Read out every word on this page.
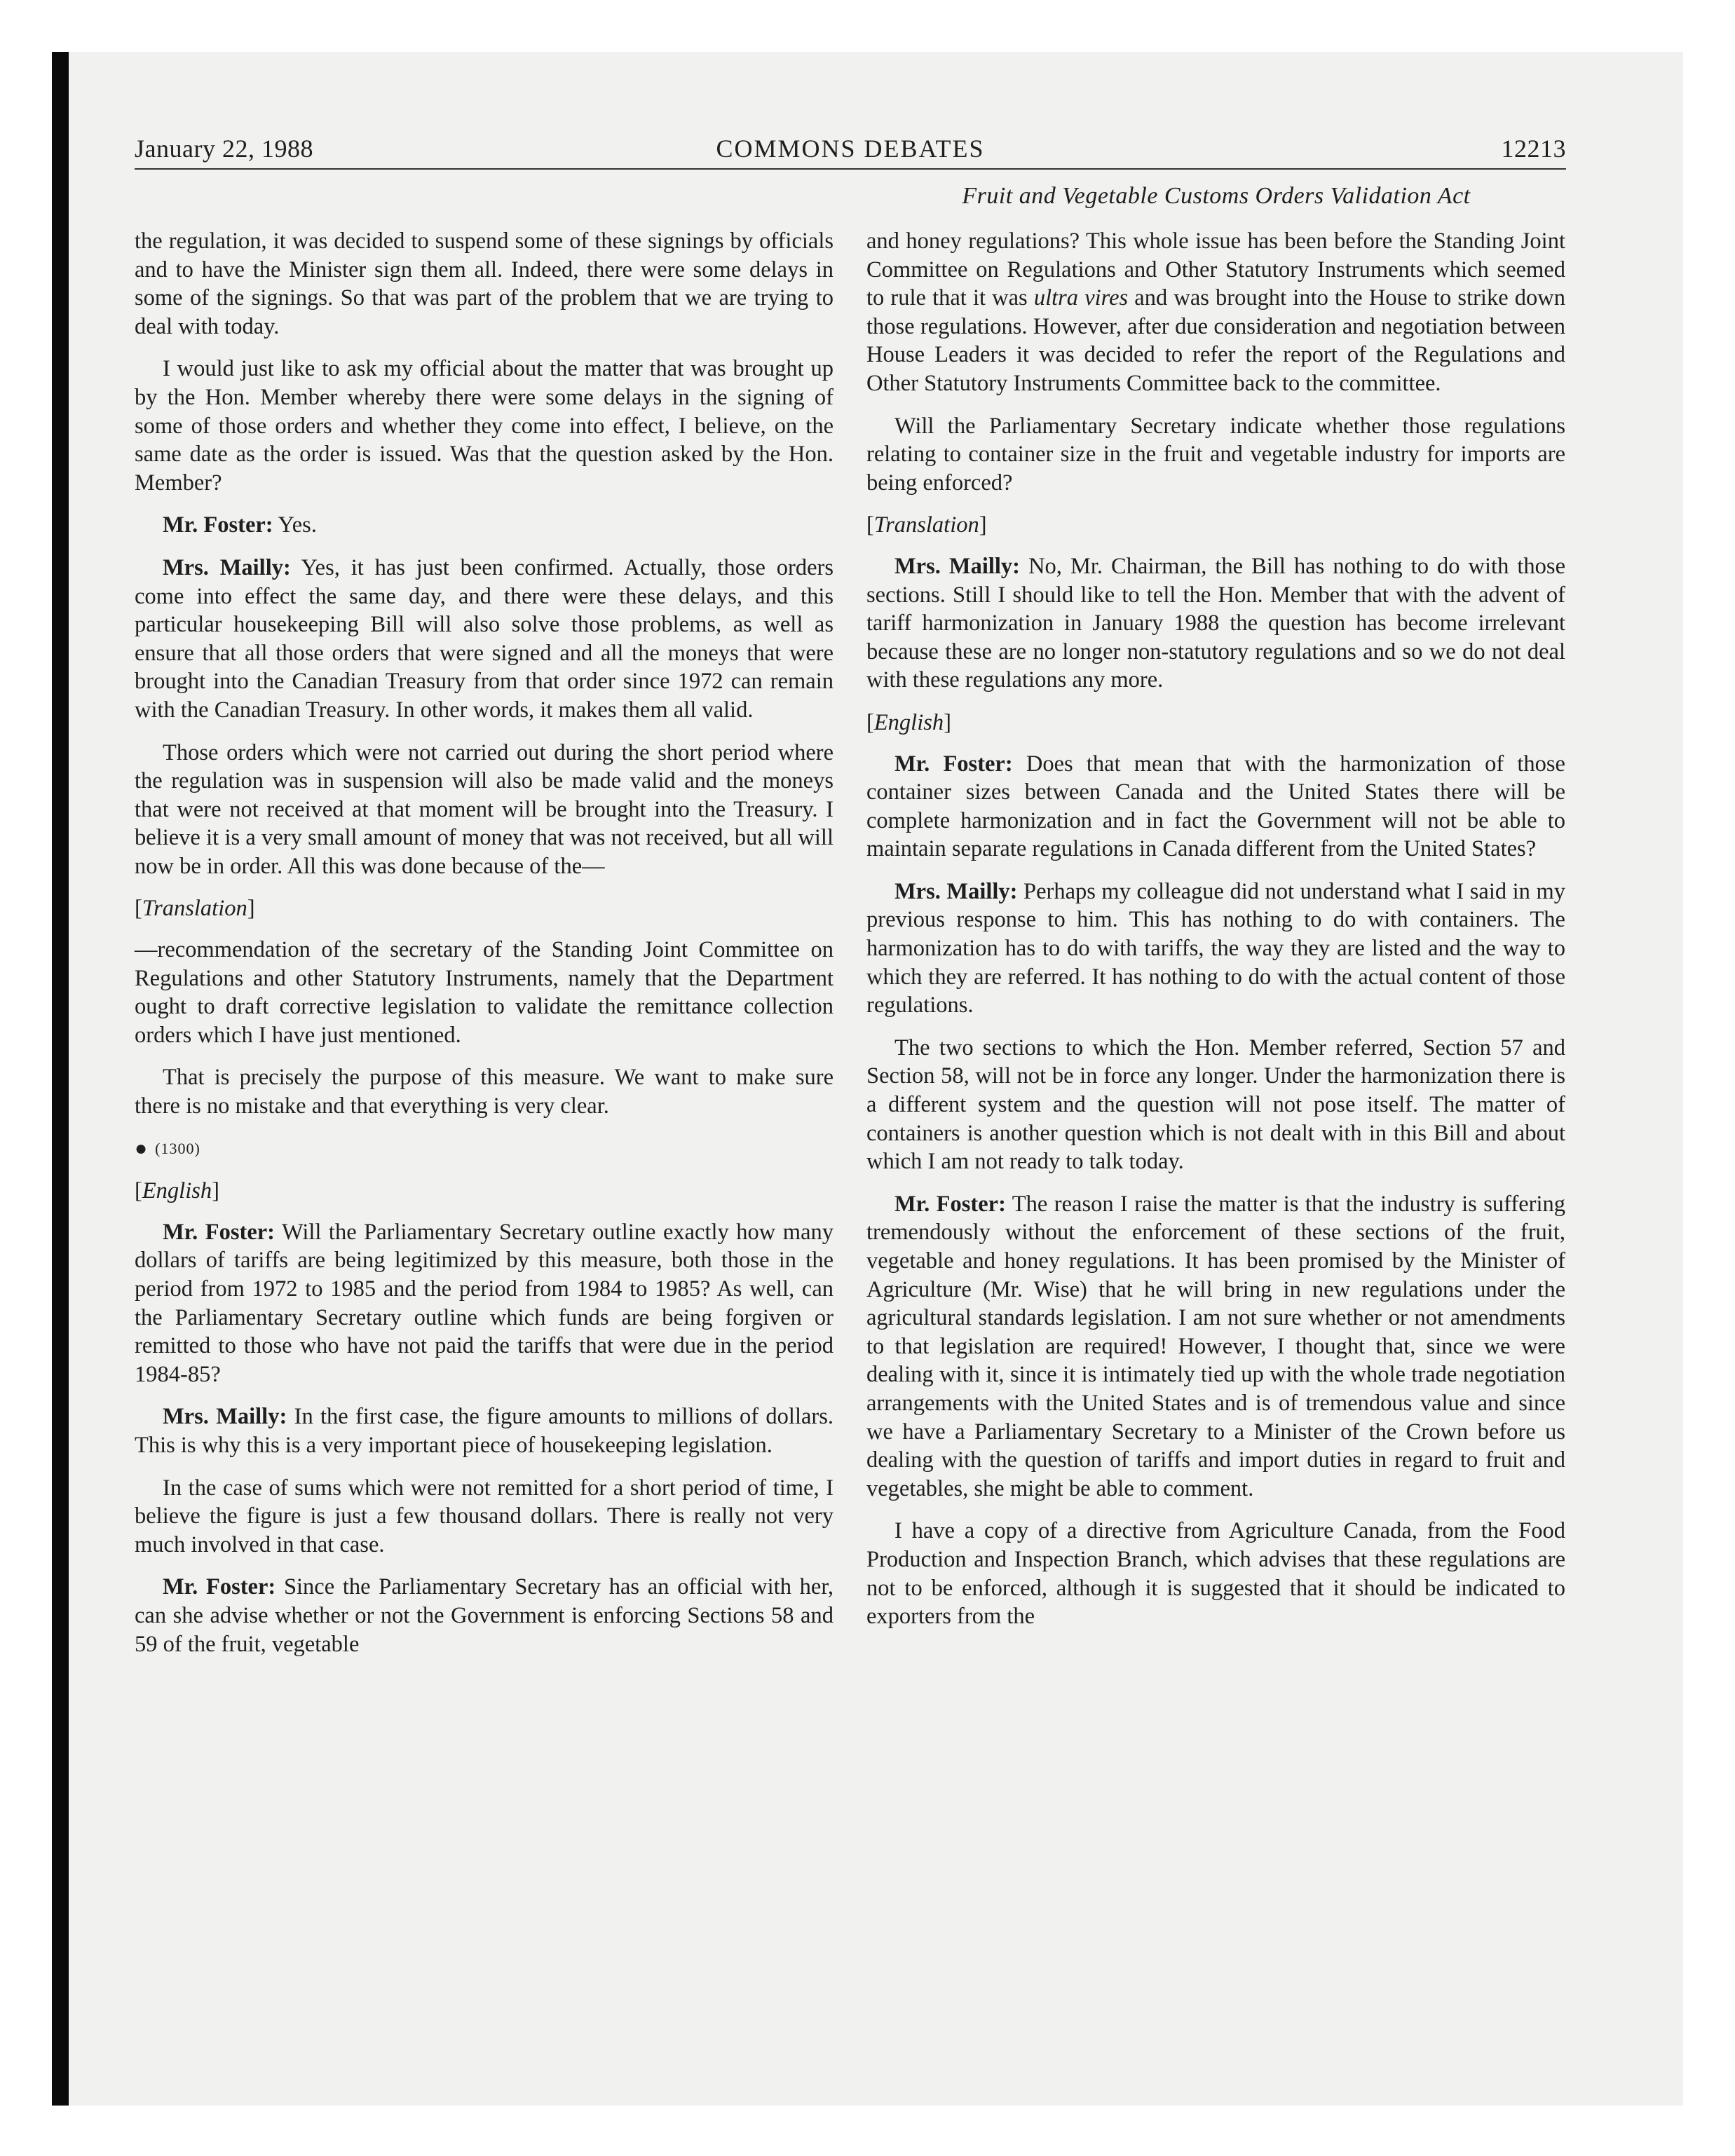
January 22, 1988	COMMONS DEBATES	12213
Fruit and Vegetable Customs Orders Validation Act

the regulation, it was decided to suspend some of these signings by officials and to have the Minister sign them all. Indeed, there were some delays in some of the signings. So that was part of the problem that we are trying to deal with today.

I would just like to ask my official about the matter that was brought up by the Hon. Member whereby there were some delays in the signing of some of those orders and whether they come into effect, I believe, on the same date as the order is issued. Was that the question asked by the Hon. Member?

Mr. Foster: Yes.

Mrs. Mailly: Yes, it has just been confirmed. Actually, those orders come into effect the same day, and there were these delays, and this particular housekeeping Bill will also solve those problems, as well as ensure that all those orders that were signed and all the moneys that were brought into the Canadian Treasury from that order since 1972 can remain with the Canadian Treasury. In other words, it makes them all valid.

Those orders which were not carried out during the short period where the regulation was in suspension will also be made valid and the moneys that were not received at that moment will be brought into the Treasury. I believe it is a very small amount of money that was not received, but all will now be in order. All this was done because of the—

[Translation]

—recommendation of the secretary of the Standing Joint Committee on Regulations and other Statutory Instruments, namely that the Department ought to draft corrective legislation to validate the remittance collection orders which I have just mentioned.

That is precisely the purpose of this measure. We want to make sure there is no mistake and that everything is very clear.

● (1300)
[English]

Mr. Foster: Will the Parliamentary Secretary outline exactly how many dollars of tariffs are being legitimized by this measure, both those in the period from 1972 to 1985 and the period from 1984 to 1985? As well, can the Parliamentary Secretary outline which funds are being forgiven or remitted to those who have not paid the tariffs that were due in the period 1984-85?

Mrs. Mailly: In the first case, the figure amounts to millions of dollars. This is why this is a very important piece of housekeeping legislation.

In the case of sums which were not remitted for a short period of time, I believe the figure is just a few thousand dollars. There is really not very much involved in that case.

Mr. Foster: Since the Parliamentary Secretary has an official with her, can she advise whether or not the Government is enforcing Sections 58 and 59 of the fruit, vegetable

and honey regulations? This whole issue has been before the Standing Joint Committee on Regulations and Other Statutory Instruments which seemed to rule that it was ultra vires and was brought into the House to strike down those regulations. However, after due consideration and negotiation between House Leaders it was decided to refer the report of the Regulations and Other Statutory Instruments Committee back to the committee.

Will the Parliamentary Secretary indicate whether those regulations relating to container size in the fruit and vegetable industry for imports are being enforced?

[Translation]

Mrs. Mailly: No, Mr. Chairman, the Bill has nothing to do with those sections. Still I should like to tell the Hon. Member that with the advent of tariff harmonization in January 1988 the question has become irrelevant because these are no longer non-statutory regulations and so we do not deal with these regulations any more.

[English]

Mr. Foster: Does that mean that with the harmonization of those container sizes between Canada and the United States there will be complete harmonization and in fact the Government will not be able to maintain separate regulations in Canada different from the United States?

Mrs. Mailly: Perhaps my colleague did not understand what I said in my previous response to him. This has nothing to do with containers. The harmonization has to do with tariffs, the way they are listed and the way to which they are referred. It has nothing to do with the actual content of those regulations.

The two sections to which the Hon. Member referred, Section 57 and Section 58, will not be in force any longer. Under the harmonization there is a different system and the question will not pose itself. The matter of containers is another question which is not dealt with in this Bill and about which I am not ready to talk today.

Mr. Foster: The reason I raise the matter is that the industry is suffering tremendously without the enforcement of these sections of the fruit, vegetable and honey regulations. It has been promised by the Minister of Agriculture (Mr. Wise) that he will bring in new regulations under the agricultural standards legislation. I am not sure whether or not amendments to that legislation are required! However, I thought that, since we were dealing with it, since it is intimately tied up with the whole trade negotiation arrangements with the United States and is of tremendous value and since we have a Parliamentary Secretary to a Minister of the Crown before us dealing with the question of tariffs and import duties in regard to fruit and vegetables, she might be able to comment.

I have a copy of a directive from Agriculture Canada, from the Food Production and Inspection Branch, which advises that these regulations are not to be enforced, although it is suggested that it should be indicated to exporters from the
